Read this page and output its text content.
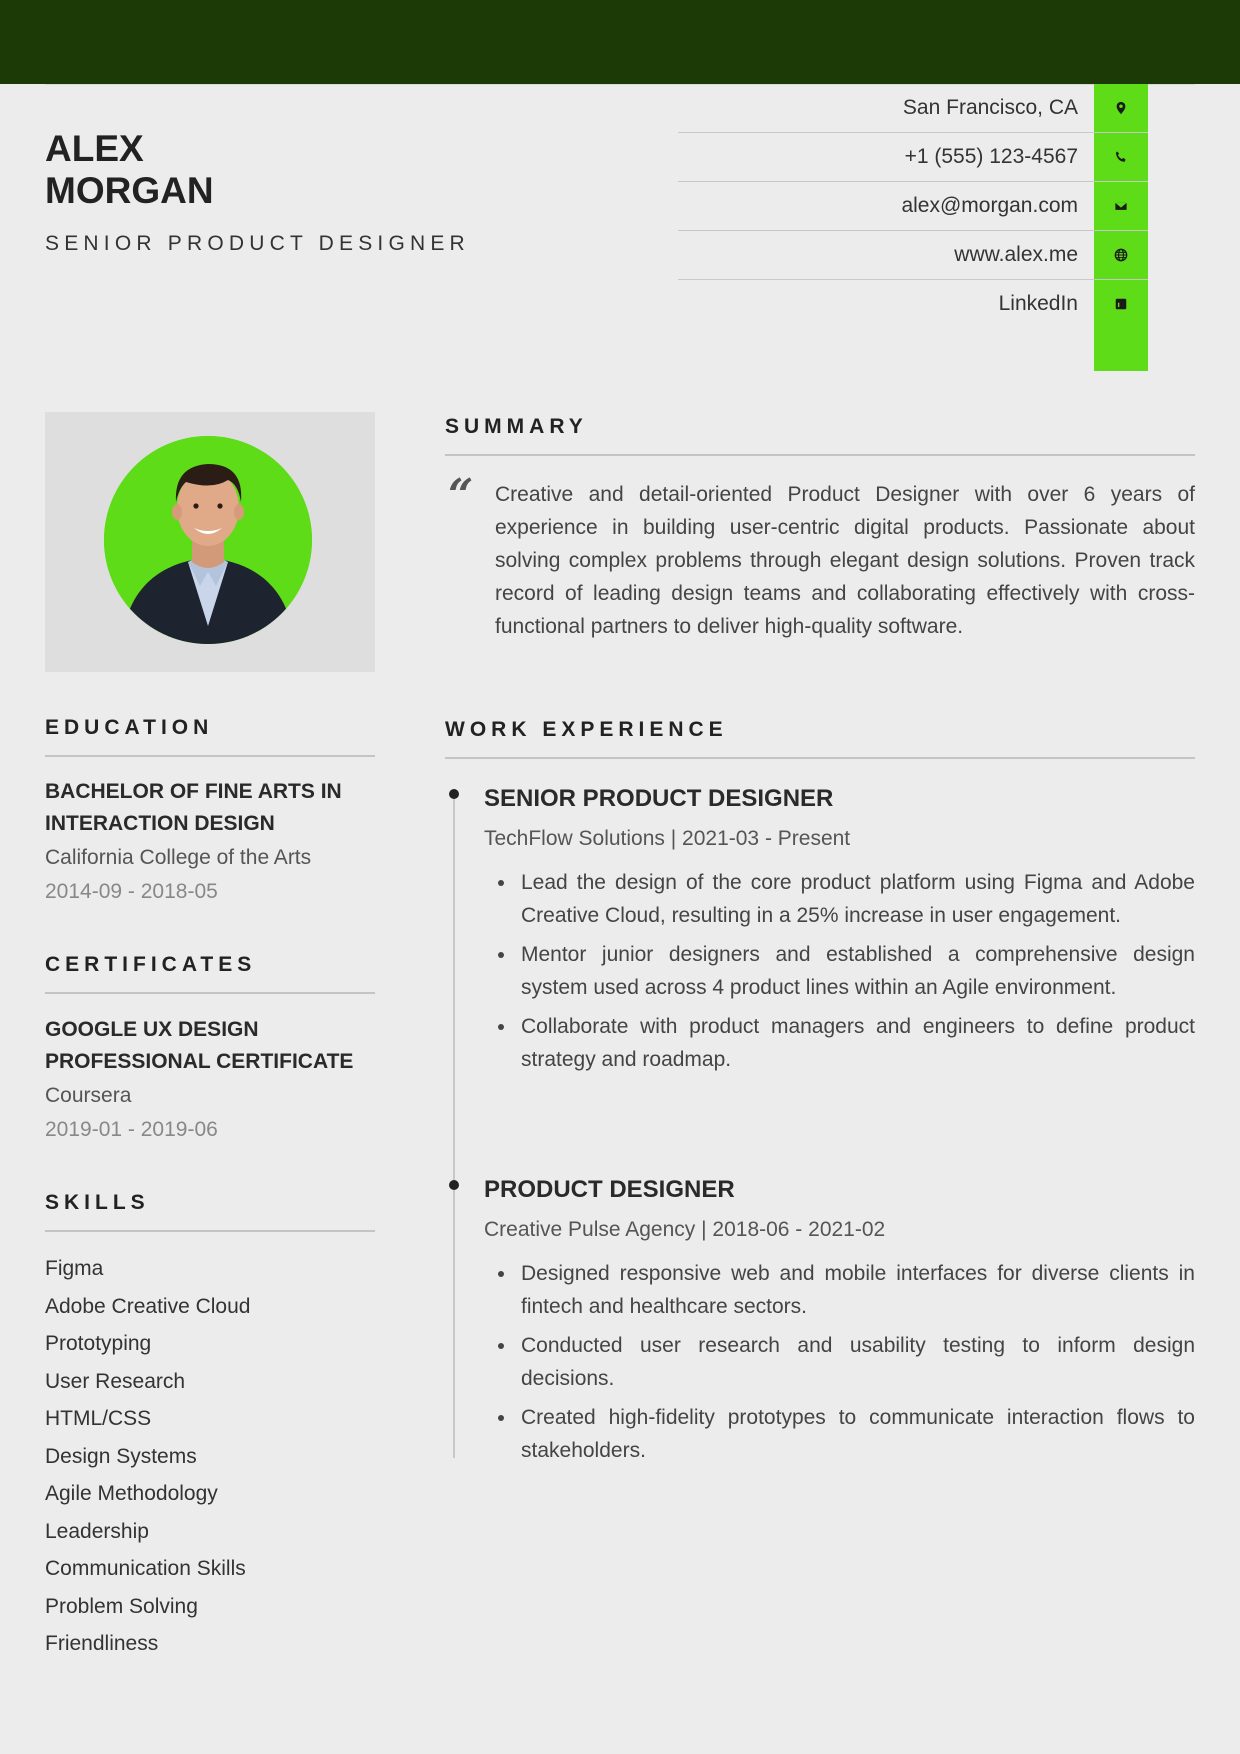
ALEX
MORGAN
SENIOR PRODUCT DESIGNER
San Francisco, CA
+1 (555) 123-4567
alex@morgan.com
www.alex.me
LinkedIn
SUMMARY
“ Creative and detail-oriented Product Designer with over 6 years of experience in building user-centric digital products. Passionate about solving complex problems through elegant design solutions. Proven track record of leading design teams and collaborating effectively with cross-functional partners to deliver high-quality software.
EDUCATION
BACHELOR OF FINE ARTS IN
INTERACTION DESIGN
California College of the Arts
2014-09 - 2018-05
CERTIFICATES
GOOGLE UX DESIGN
PROFESSIONAL CERTIFICATE
Coursera
2019-01 - 2019-06
SKILLS
Figma
Adobe Creative Cloud
Prototyping
User Research
HTML/CSS
Design Systems
Agile Methodology
Leadership
Communication Skills
Problem Solving
Friendliness
WORK EXPERIENCE
SENIOR PRODUCT DESIGNER
TechFlow Solutions | 2021-03 - Present
Lead the design of the core product platform using Figma and Adobe Creative Cloud, resulting in a 25% increase in user engagement.
Mentor junior designers and established a comprehensive design system used across 4 product lines within an Agile environment.
Collaborate with product managers and engineers to define product strategy and roadmap.
PRODUCT DESIGNER
Creative Pulse Agency | 2018-06 - 2021-02
Designed responsive web and mobile interfaces for diverse clients in fintech and healthcare sectors.
Conducted user research and usability testing to inform design decisions.
Created high-fidelity prototypes to communicate interaction flows to stakeholders.
